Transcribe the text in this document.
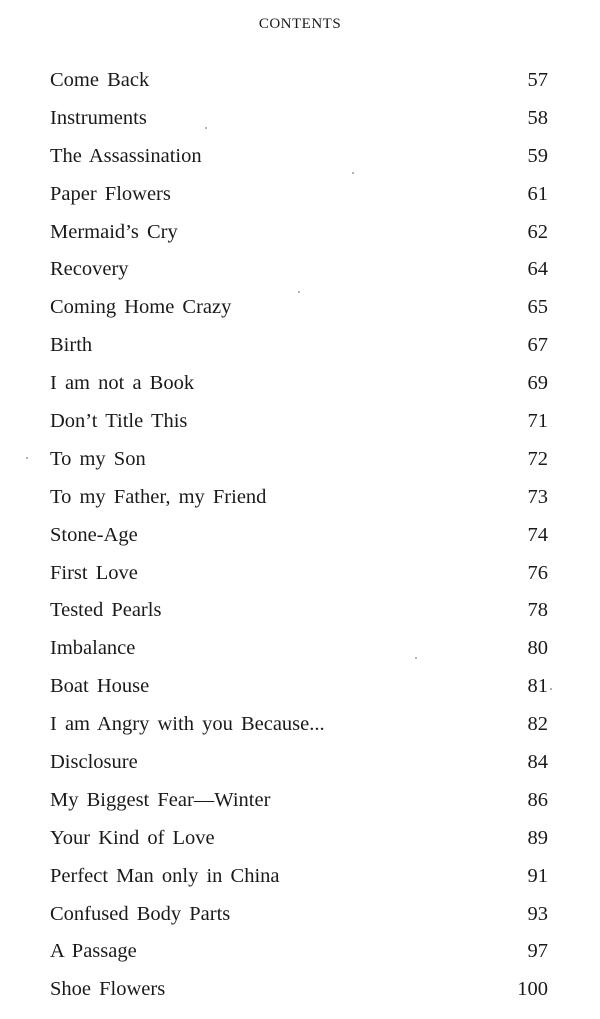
CONTENTS
Come Back	57
Instruments	58
The Assassination	59
Paper Flowers	61
Mermaid’s Cry	62
Recovery	64
Coming Home Crazy	65
Birth	67
I am not a Book	69
Don’t Title This	71
To my Son	72
To my Father, my Friend	73
Stone-Age	74
First Love	76
Tested Pearls	78
Imbalance	80
Boat House	81
I am Angry with you Because...	82
Disclosure	84
My Biggest Fear—Winter	86
Your Kind of Love	89
Perfect Man only in China	91
Confused Body Parts	93
A Passage	97
Shoe Flowers	100
